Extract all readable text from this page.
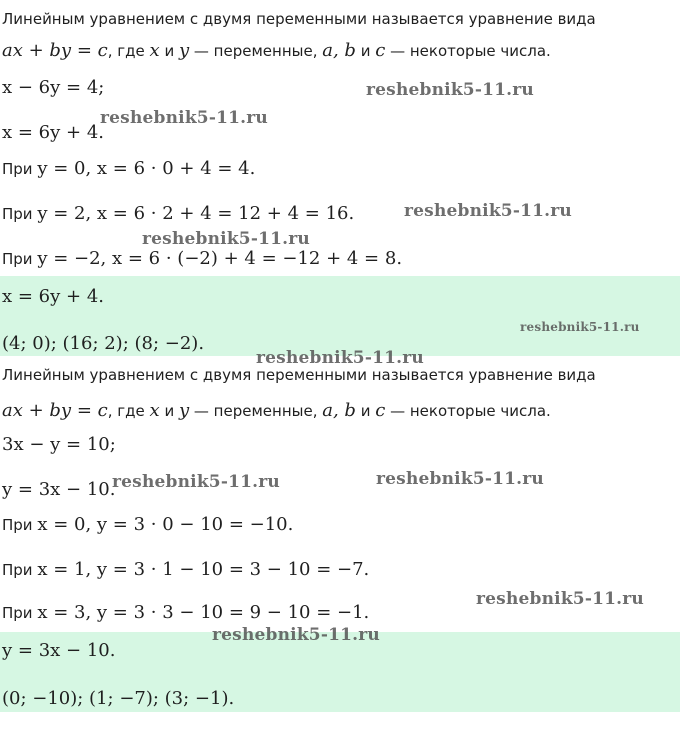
Линейным уравнением с двумя переменными называется уравнение вида
ax + by = c, где x и y — переменные, a, b и c — некоторые числа.
x − 6y = 4;
x = 6y + 4.
При y = 0, x = 6 · 0 + 4 = 4.
При y = 2, x = 6 · 2 + 4 = 12 + 4 = 16.
При y = −2, x = 6 · (−2) + 4 = −12 + 4 = 8.
x = 6y + 4.
(4; 0); (16; 2); (8; −2).
Линейным уравнением с двумя переменными называется уравнение вида
ax + by = c, где x и y — переменные, a, b и c — некоторые числа.
3x − y = 10;
y = 3x − 10.
При x = 0, y = 3 · 0 − 10 = −10.
При x = 1, y = 3 · 1 − 10 = 3 − 10 = −7.
При x = 3, y = 3 · 3 − 10 = 9 − 10 = −1.
y = 3x − 10.
(0; −10); (1; −7); (3; −1).
reshebnik5-11.ru
reshebnik5-11.ru
reshebnik5-11.ru
reshebnik5-11.ru
reshebnik5-11.ru
reshebnik5-11.ru
reshebnik5-11.ru	reshebnik5-11.ru
reshebnik5-11.ru
reshebnik5-11.ru
